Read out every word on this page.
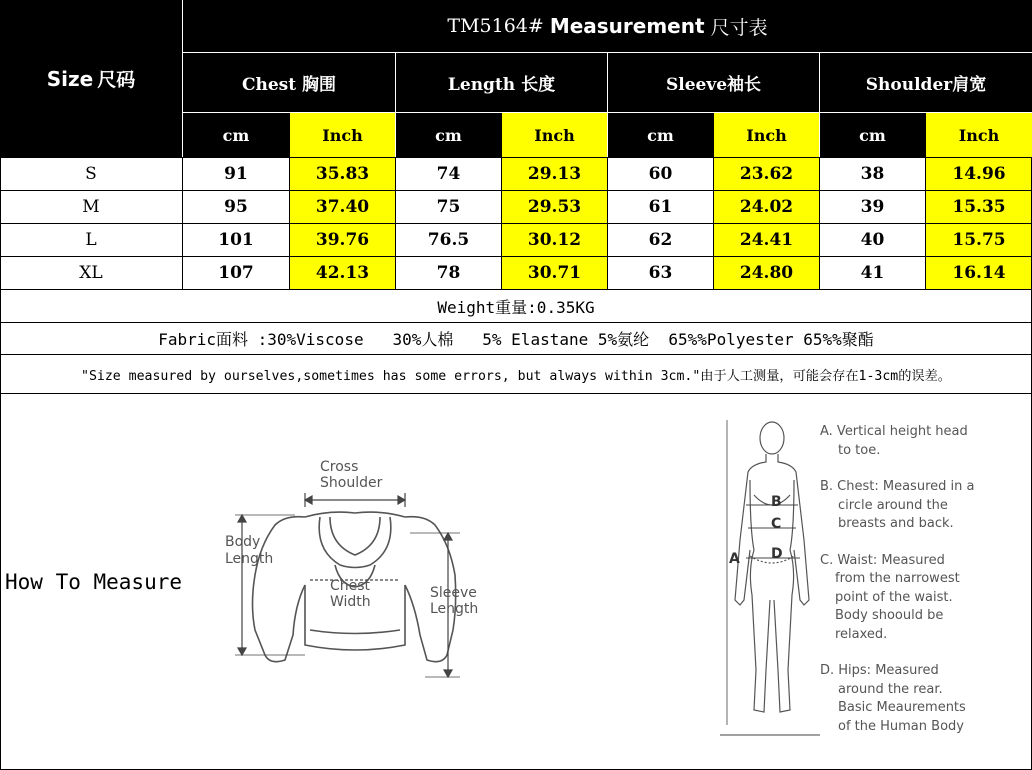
Size 尺码
TM5164# Measurement 尺寸表
Chest 胸围	Length 长度	Sleeve袖长	Shoulder肩宽
cm	Inch	cm	Inch	cm	Inch	cm	Inch
S	91	35.83	74	29.13	60	23.62	38	14.96
M	95	37.40	75	29.53	61	24.02	39	15.35
L	101	39.76	76.5	30.12	62	24.41	40	15.75
XL	107	42.13	78	30.71	63	24.80	41	16.14
Weight重量:0.35KG
Fabric面料 :30%Viscose   30%人棉   5% Elastane 5%氨纶  65%%Polyester 65%%聚酯
"Size measured by ourselves,sometimes has some errors, but always within 3cm."由于人工测量，可能会存在1-3cm的误差。
How To Measure
Cross
Shoulder
Body
Length
Chest
Width
Sleeve
Length
A
B
C
D
A. Vertical height head
to toe.
B. Chest: Measured in a
circle around the
breasts and back.
C. Waist: Measured
from the narrowest
point of the waist.
Body shoould be
relaxed.
D. Hips: Measured
around the rear.
Basic Meaurements
of the Human Body
